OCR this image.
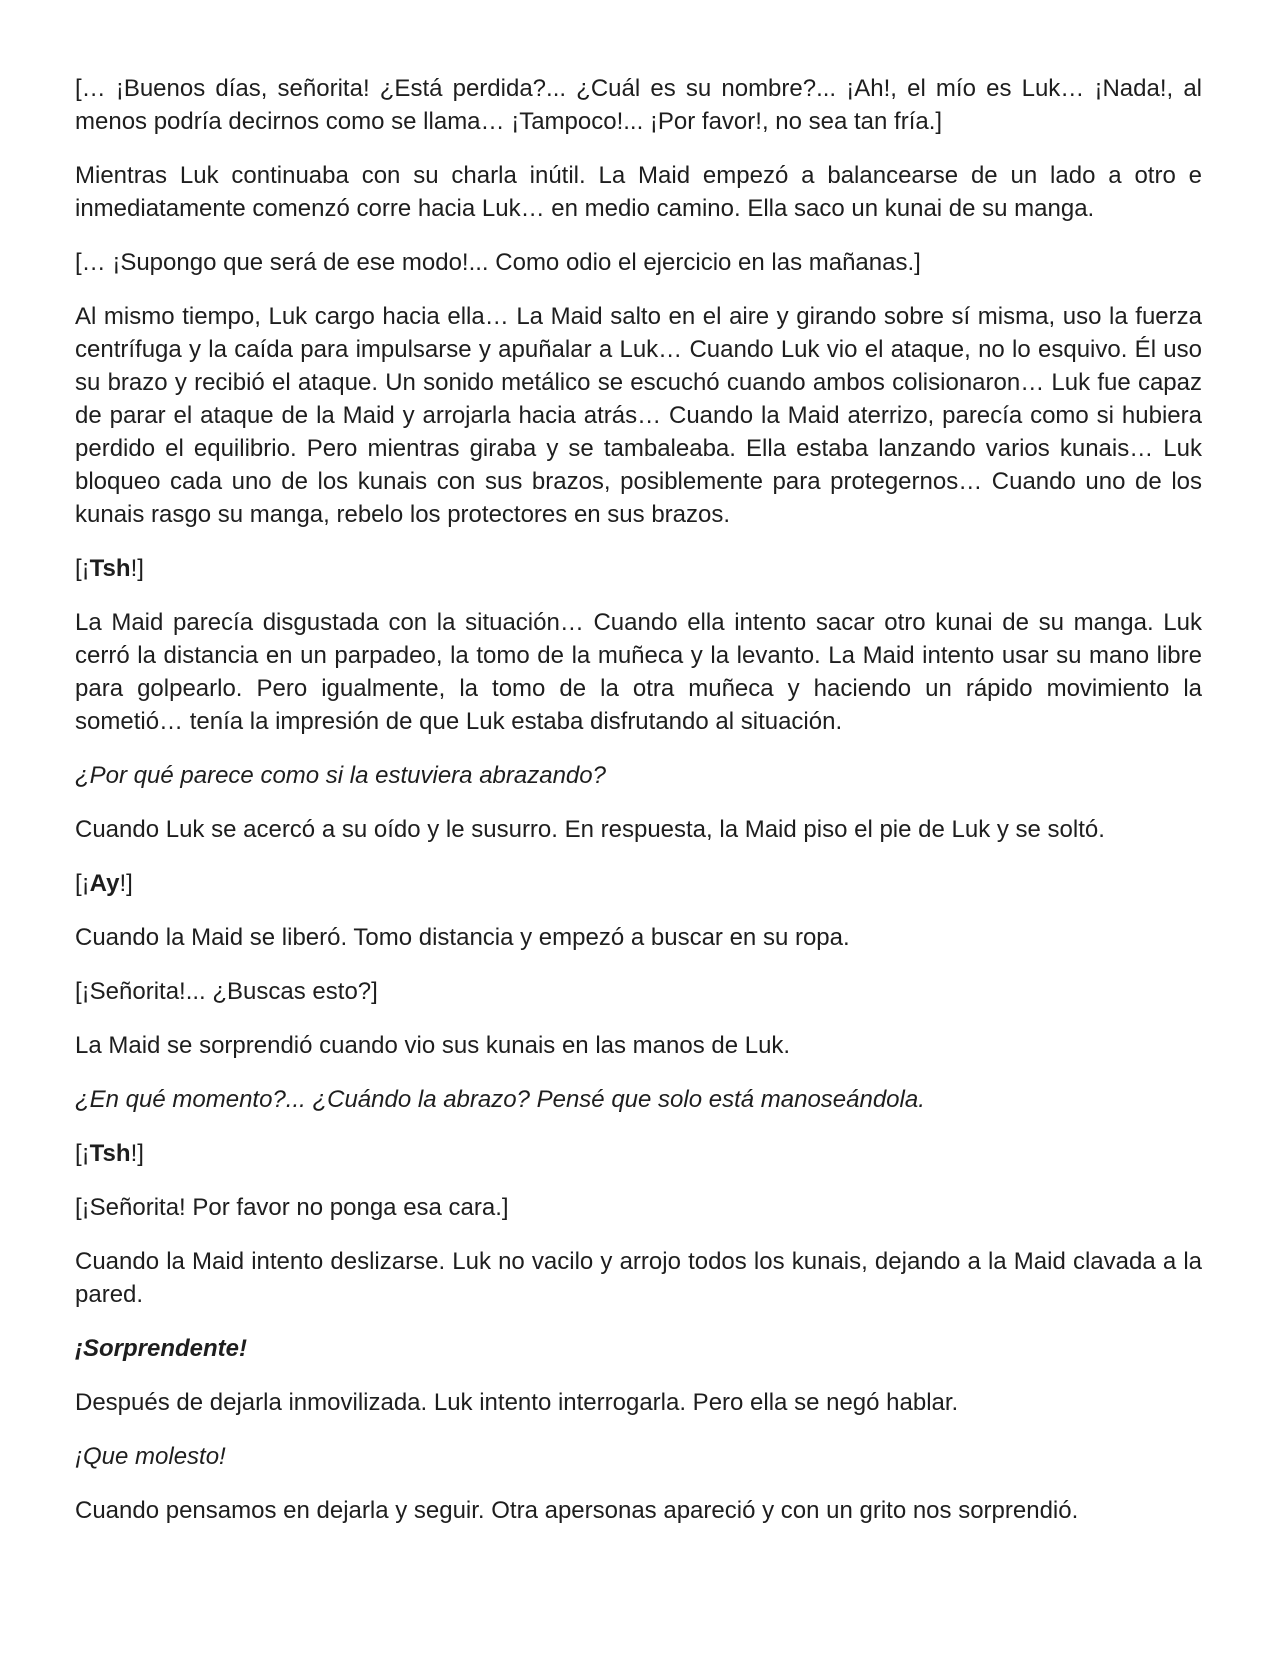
[… ¡Buenos días, señorita! ¿Está perdida?... ¿Cuál es su nombre?... ¡Ah!, el mío es Luk… ¡Nada!, al menos podría decirnos como se llama… ¡Tampoco!... ¡Por favor!, no sea tan fría.]

Mientras Luk continuaba con su charla inútil. La Maid empezó a balancearse de un lado a otro e inmediatamente comenzó corre hacia Luk… en medio camino. Ella saco un kunai de su manga.

[… ¡Supongo que será de ese modo!... Como odio el ejercicio en las mañanas.]

Al mismo tiempo, Luk cargo hacia ella… La Maid salto en el aire y girando sobre sí misma, uso la fuerza centrífuga y la caída para impulsarse y apuñalar a Luk… Cuando Luk vio el ataque, no lo esquivo. Él uso su brazo y recibió el ataque. Un sonido metálico se escuchó cuando ambos colisionaron… Luk fue capaz de parar el ataque de la Maid y arrojarla hacia atrás… Cuando la Maid aterrizo, parecía como si hubiera perdido el equilibrio. Pero mientras giraba y se tambaleaba. Ella estaba lanzando varios kunais… Luk bloqueo cada uno de los kunais con sus brazos, posiblemente para protegernos… Cuando uno de los kunais rasgo su manga, rebelo los protectores en sus brazos.

[¡Tsh!]

La Maid parecía disgustada con la situación… Cuando ella intento sacar otro kunai de su manga. Luk cerró la distancia en un parpadeo, la tomo de la muñeca y la levanto. La Maid intento usar su mano libre para golpearlo. Pero igualmente, la tomo de la otra muñeca y haciendo un rápido movimiento la sometió… tenía la impresión de que Luk estaba disfrutando al situación.

¿Por qué parece como si la estuviera abrazando?

Cuando Luk se acercó a su oído y le susurro. En respuesta, la Maid piso el pie de Luk y se soltó.

[¡Ay!]

Cuando la Maid se liberó. Tomo distancia y empezó a buscar en su ropa.

[¡Señorita!... ¿Buscas esto?]

La Maid se sorprendió cuando vio sus kunais en las manos de Luk.

¿En qué momento?... ¿Cuándo la abrazo? Pensé que solo está manoseándola.

[¡Tsh!]

[¡Señorita! Por favor no ponga esa cara.]

Cuando la Maid intento deslizarse. Luk no vacilo y arrojo todos los kunais, dejando a la Maid clavada a la pared.

¡Sorprendente!

Después de dejarla inmovilizada. Luk intento interrogarla. Pero ella se negó hablar.

¡Que molesto!

Cuando pensamos en dejarla y seguir. Otra apersonas apareció y con un grito nos sorprendió.
